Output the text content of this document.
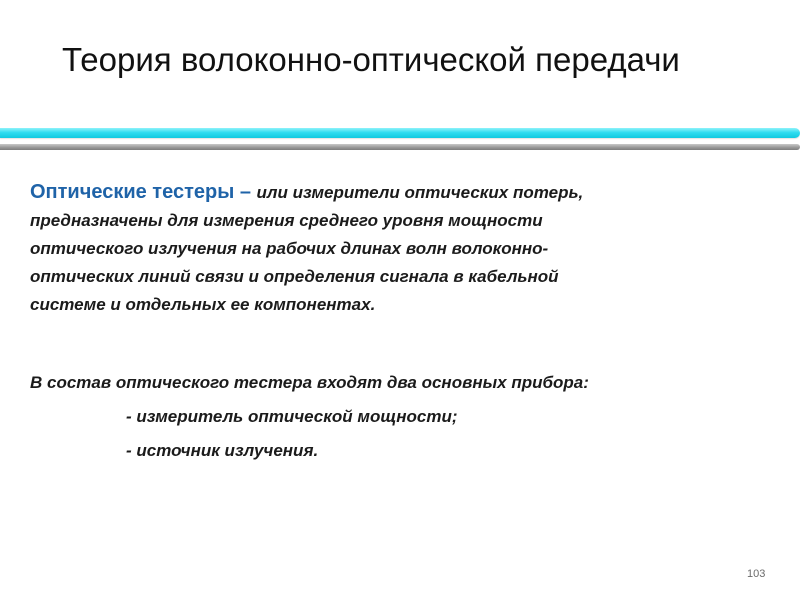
Теория волоконно-оптической передачи
Оптические тестеры – или измерители оптических потерь,
предназначены для измерения среднего уровня мощности
оптического излучения на рабочих длинах волн волоконно-
оптических линий связи и определения сигнала в кабельной
системе и отдельных ее компонентах.
В состав оптического тестера входят два основных прибора:
- измеритель оптической мощности;
- источник излучения.
103
